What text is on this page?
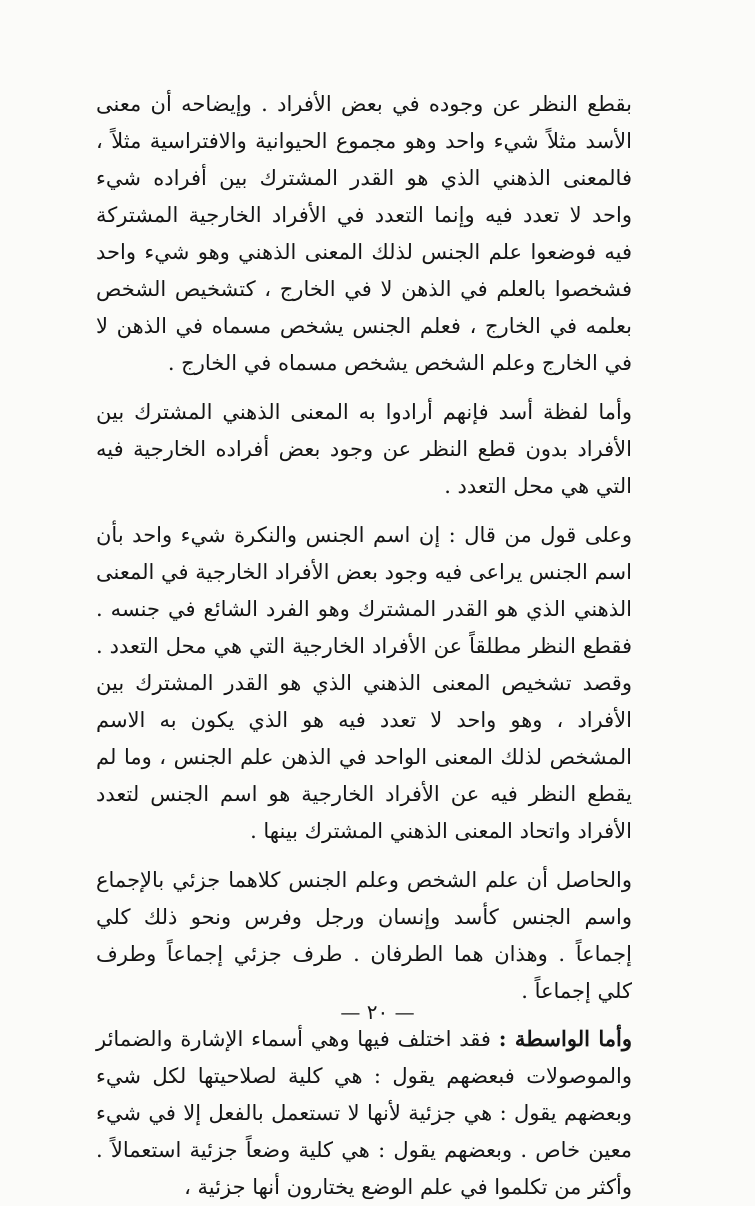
بقطع النظر عن وجوده في بعض الأفراد . وإيضاحه أن معنى الأسد مثلاً شيء واحد وهو مجموع الحيوانية والافتراسية مثلاً ، فالمعنى الذهني الذي هو القدر المشترك بين أفراده شيء واحد لا تعدد فيه وإنما التعدد في الأفراد الخارجية المشتركة فيه فوضعوا علم الجنس لذلك المعنى الذهني وهو شيء واحد فشخصوا بالعلم في الذهن لا في الخارج ، كتشخيص الشخص بعلمه في الخارج ، فعلم الجنس يشخص مسماه في الذهن لا في الخارج وعلم الشخص يشخص مسماه في الخارج .

وأما لفظة أسد فإنهم أرادوا به المعنى الذهني المشترك بين الأفراد بدون قطع النظر عن وجود بعض أفراده الخارجية فيه التي هي محل التعدد .

وعلى قول من قال : إن اسم الجنس والنكرة شيء واحد بأن اسم الجنس يراعى فيه وجود بعض الأفراد الخارجية في المعنى الذهني الذي هو القدر المشترك وهو الفرد الشائع في جنسه . فقطع النظر مطلقاً عن الأفراد الخارجية التي هي محل التعدد . وقصد تشخيص المعنى الذهني الذي هو القدر المشترك بين الأفراد ، وهو واحد لا تعدد فيه هو الذي يكون به الاسم المشخص لذلك المعنى الواحد في الذهن علم الجنس ، وما لم يقطع النظر فيه عن الأفراد الخارجية هو اسم الجنس لتعدد الأفراد واتحاد المعنى الذهني المشترك بينها .

والحاصل أن علم الشخص وعلم الجنس كلاهما جزئي بالإجماع واسم الجنس كأسد وإنسان ورجل وفرس ونحو ذلك كلي إجماعاً . وهذان هما الطرفان . طرف جزئي إجماعاً وطرف كلي إجماعاً .

وأما الواسطة : فقد اختلف فيها وهي أسماء الإشارة والضمائر والموصولات فبعضهم يقول : هي كلية لصلاحيتها لكل شيء وبعضهم يقول : هي جزئية لأنها لا تستعمل بالفعل إلا في شيء معين خاص . وبعضهم يقول : هي كلية وضعاً جزئية استعمالاً . وأكثر من تكلموا في علم الوضع يختارون أنها جزئية ،

— ٢٠ —
